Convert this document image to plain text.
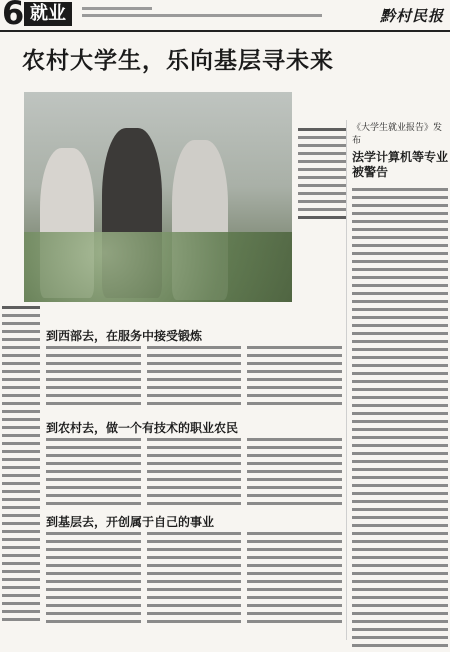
6 就业	黔村民报
农村大学生，乐向基层寻未来
《大学生就业报告》发布
法学计算机等专业被警告
到西部去，在服务中接受锻炼
到农村去，做一个有技术的职业农民
到基层去，开创属于自己的事业
